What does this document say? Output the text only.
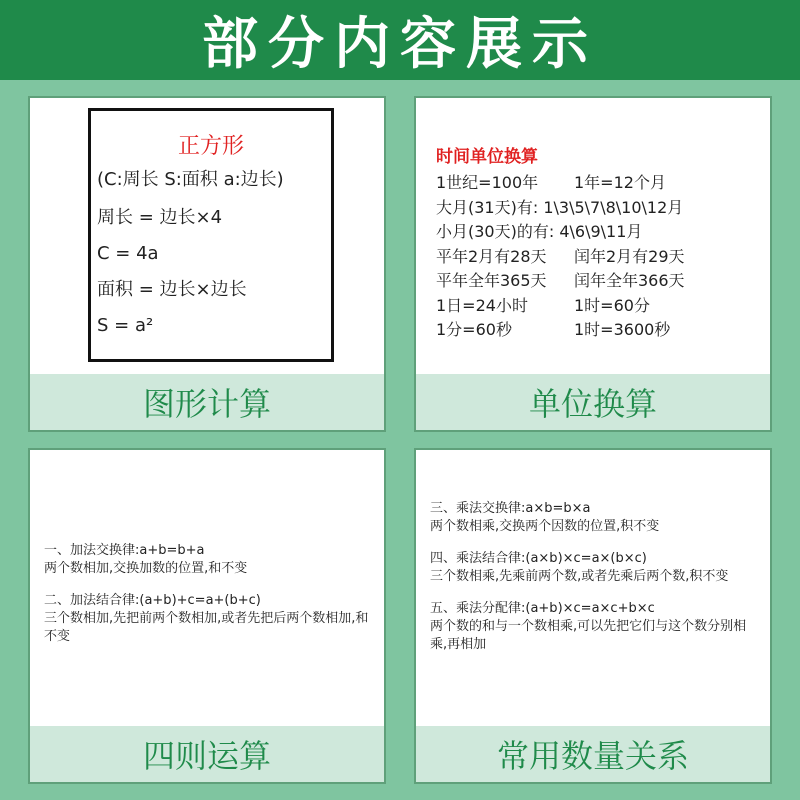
部分内容展示
正方形
(C:周长 S:面积 a:边长)
周长 = 边长×4
C = 4a
面积 = 边长×边长
S = a²
图形计算
时间单位换算
1世纪=100年	1年=12个月
大月(31天)有: 1\3\5\7\8\10\12月
小月(30天)的有: 4\6\9\11月
平年2月有28天	闰年2月有29天
平年全年365天	闰年全年366天
1日=24小时	1时=60分
1分=60秒	1时=3600秒
单位换算
一、加法交换律:a+b=b+a
两个数相加,交换加数的位置,和不变
二、加法结合律:(a+b)+c=a+(b+c)
三个数相加,先把前两个数相加,或者先把后两个数相加,和不变
四则运算
三、乘法交换律:a×b=b×a
两个数相乘,交换两个因数的位置,积不变
四、乘法结合律:(a×b)×c=a×(b×c)
三个数相乘,先乘前两个数,或者先乘后两个数,积不变
五、乘法分配律:(a+b)×c=a×c+b×c
两个数的和与一个数相乘,可以先把它们与这个数分别相乘,再相加
常用数量关系
